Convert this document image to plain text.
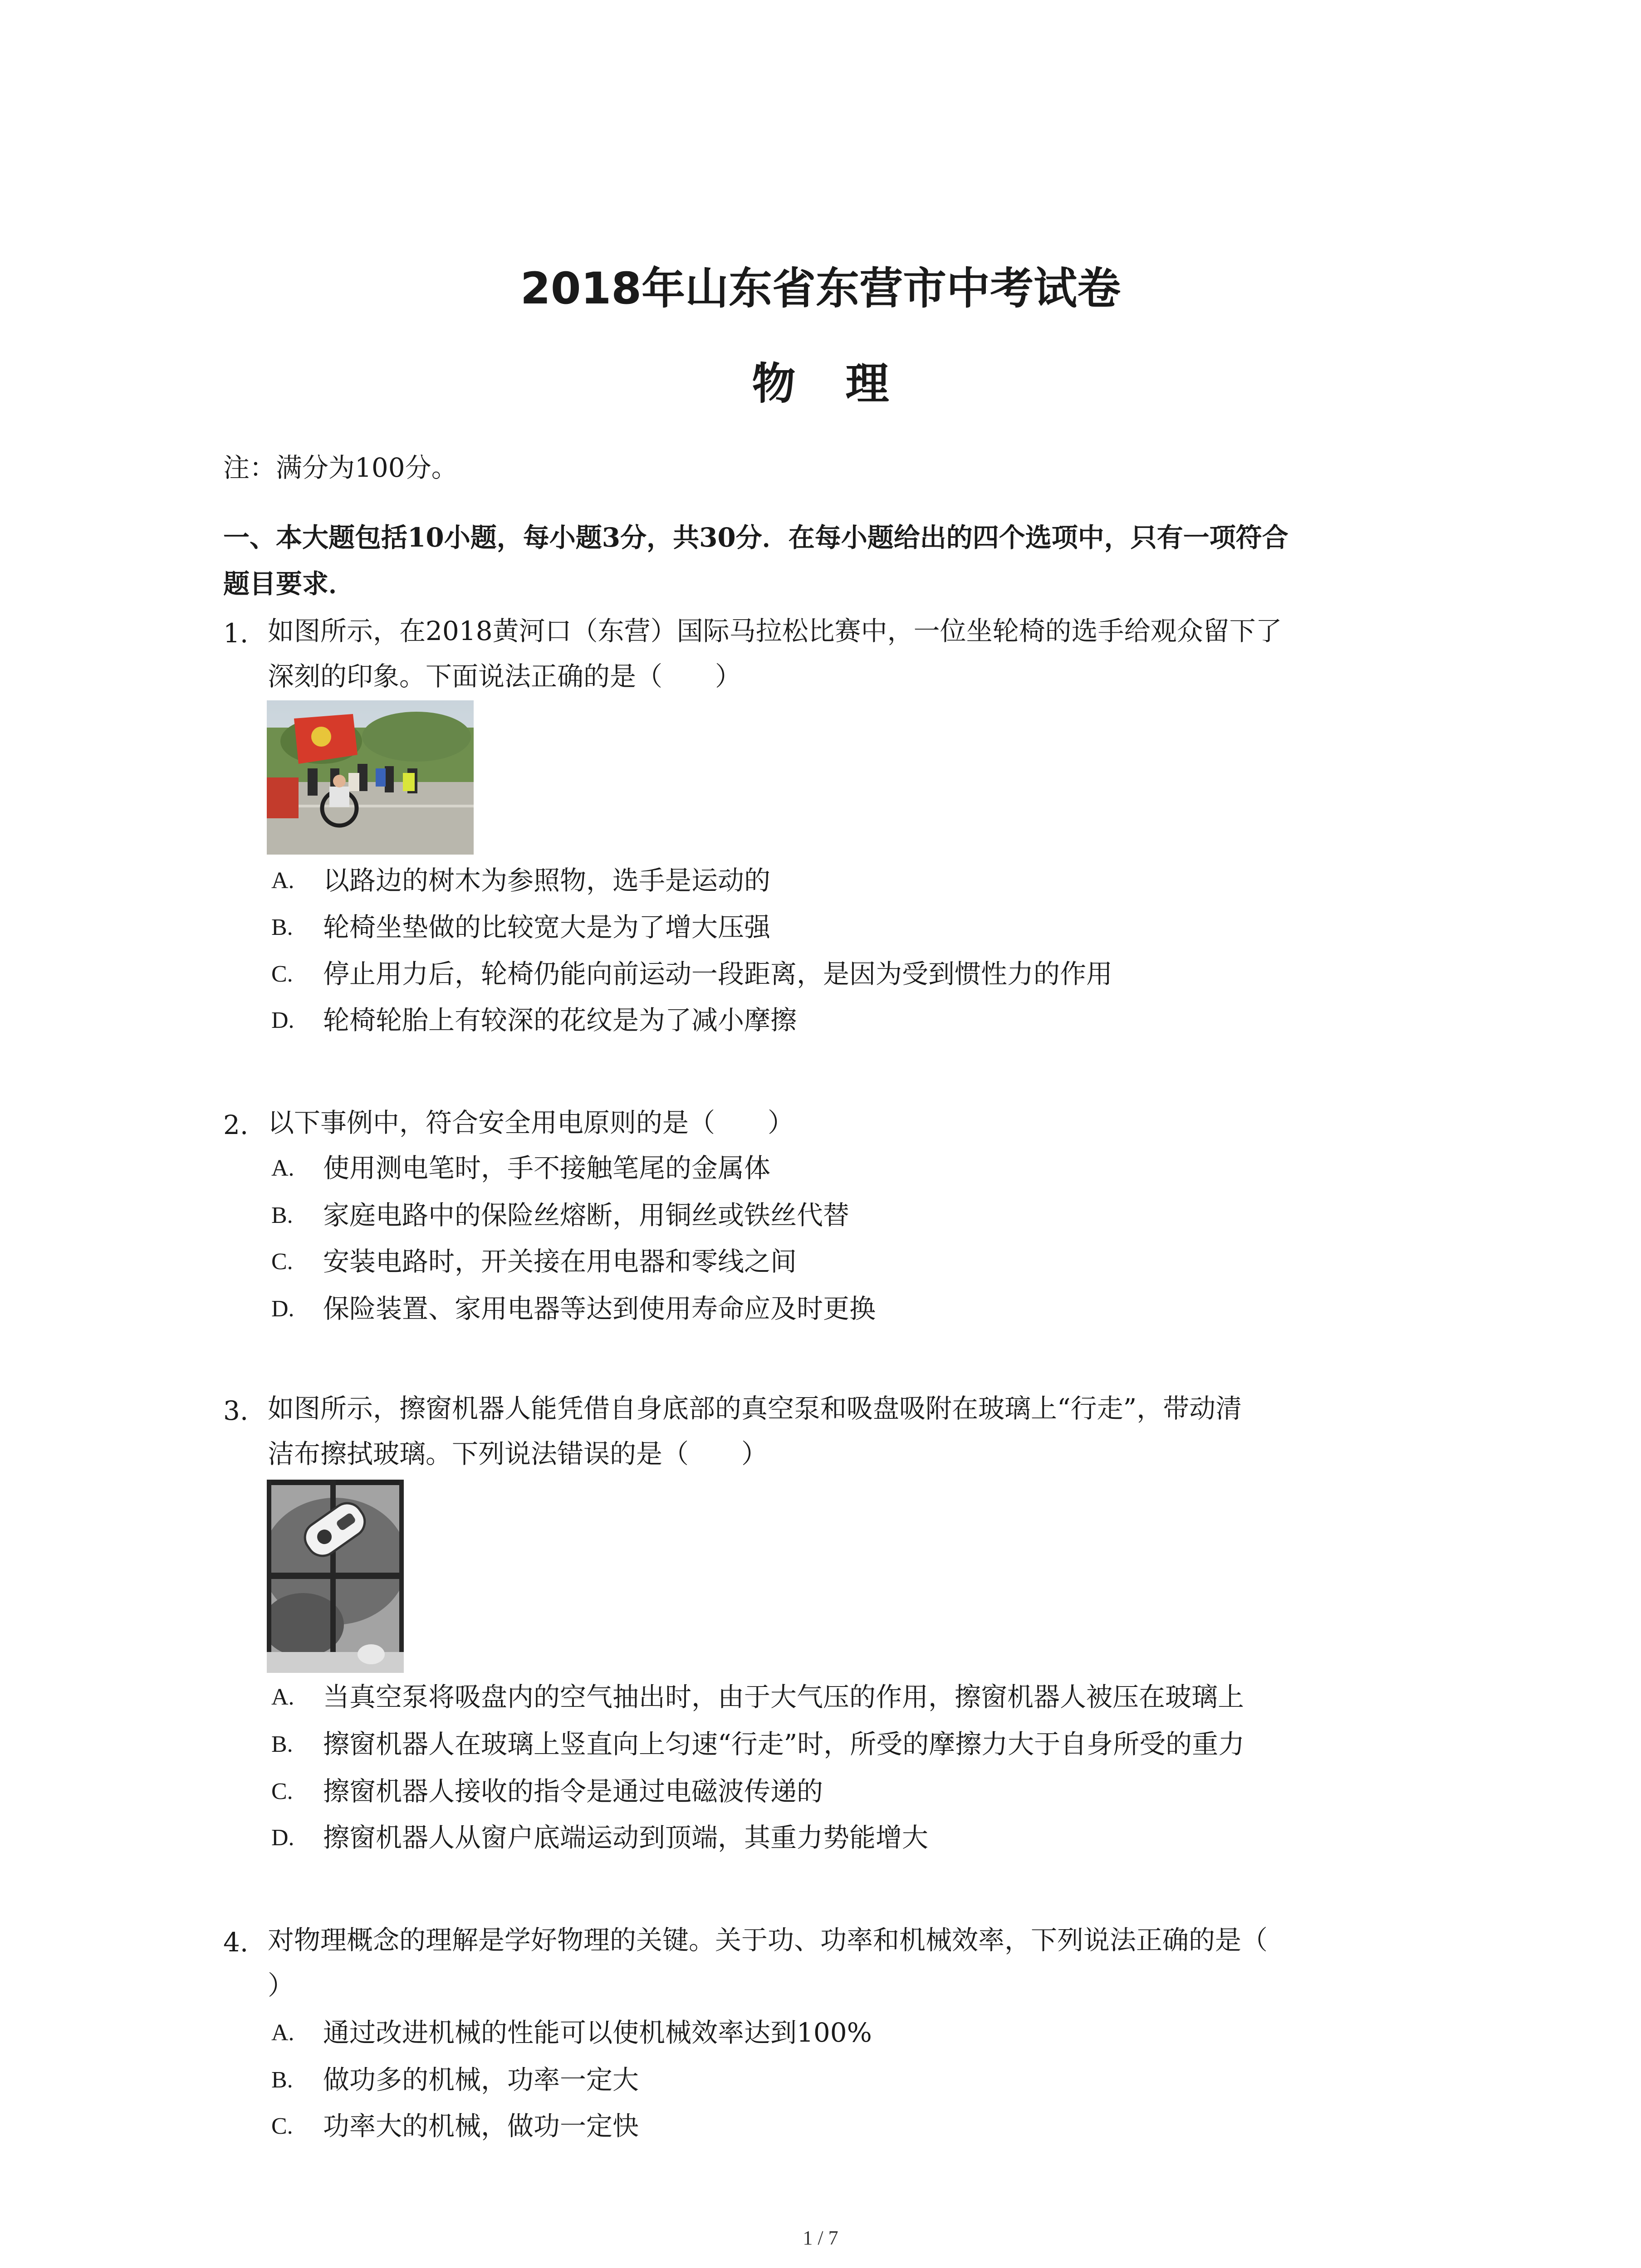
2018年山东省东营市中考试卷
物理
注：满分为100分。
一、本大题包括10小题，每小题3分，共30分．在每小题给出的四个选项中，只有一项符合
题目要求．
1. 如图所示，在2018黄河口（东营）国际马拉松比赛中，一位坐轮椅的选手给观众留下了
深刻的印象。下面说法正确的是（　　）
A. 以路边的树木为参照物，选手是运动的
B. 轮椅坐垫做的比较宽大是为了增大压强
C. 停止用力后，轮椅仍能向前运动一段距离，是因为受到惯性力的作用
D. 轮椅轮胎上有较深的花纹是为了减小摩擦
2. 以下事例中，符合安全用电原则的是（　　）
A. 使用测电笔时，手不接触笔尾的金属体
B. 家庭电路中的保险丝熔断，用铜丝或铁丝代替
C. 安装电路时，开关接在用电器和零线之间
D. 保险装置、家用电器等达到使用寿命应及时更换
3. 如图所示，擦窗机器人能凭借自身底部的真空泵和吸盘吸附在玻璃上“行走”，带动清
洁布擦拭玻璃。下列说法错误的是（　　）
A. 当真空泵将吸盘内的空气抽出时，由于大气压的作用，擦窗机器人被压在玻璃上
B. 擦窗机器人在玻璃上竖直向上匀速“行走”时，所受的摩擦力大于自身所受的重力
C. 擦窗机器人接收的指令是通过电磁波传递的
D. 擦窗机器人从窗户底端运动到顶端，其重力势能增大
4. 对物理概念的理解是学好物理的关键。关于功、功率和机械效率，下列说法正确的是（
）
A. 通过改进机械的性能可以使机械效率达到100%
B. 做功多的机械，功率一定大
C. 功率大的机械，做功一定快
1 / 7
